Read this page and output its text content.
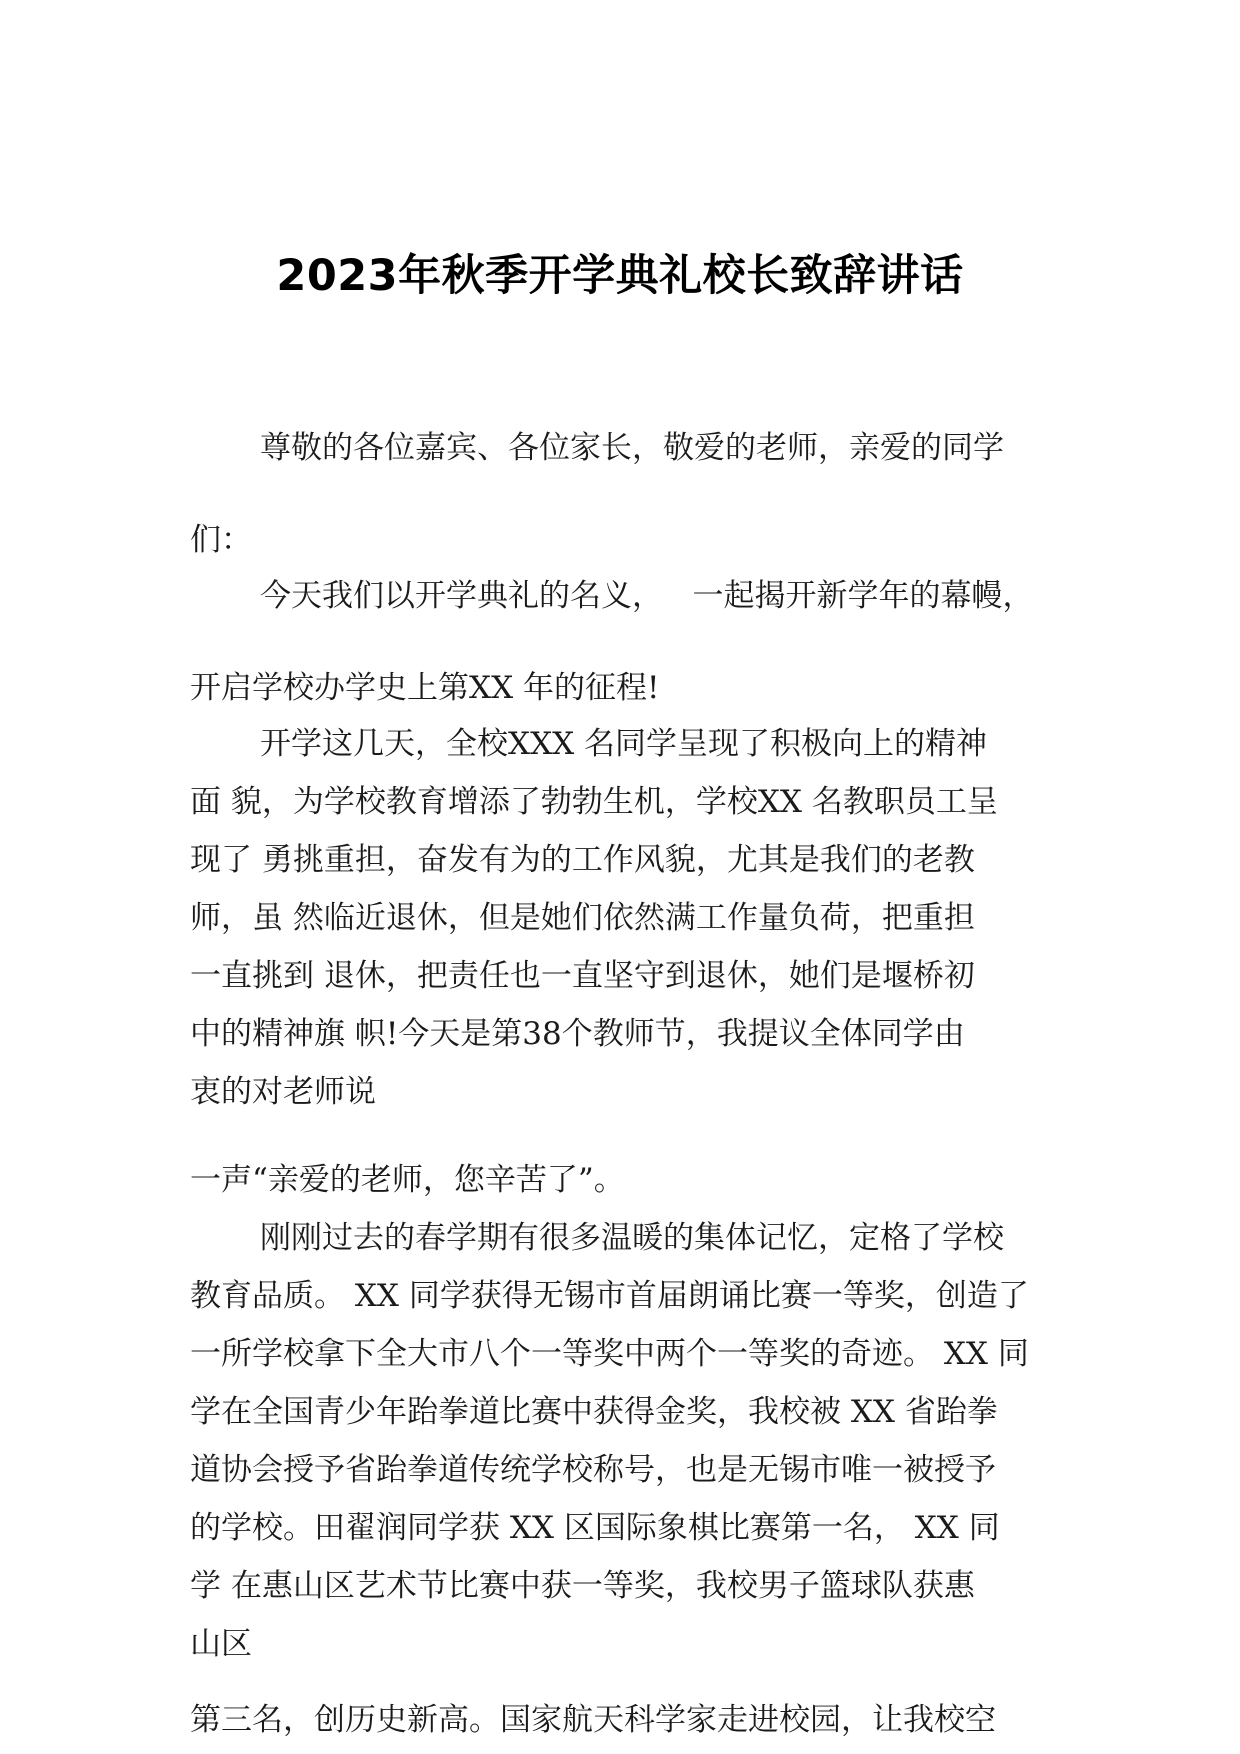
2023年秋季开学典礼校长致辞讲话
尊敬的各位嘉宾、各位家长，敬爱的老师，亲爱的同学
们：
今天我们以开学典礼的名义，   一起揭开新学年的幕幔，
开启学校办学史上第XX 年的征程!
开学这几天，全校XXX 名同学呈现了积极向上的精神
面 貌，为学校教育增添了勃勃生机，学校XX 名教职员工呈
现了 勇挑重担，奋发有为的工作风貌，尤其是我们的老教
师，虽 然临近退休，但是她们依然满工作量负荷，把重担
一直挑到 退休，把责任也一直坚守到退休，她们是堰桥初
中的精神旗 帜!今天是第38个教师节，我提议全体同学由
衷的对老师说
一声“亲爱的老师，您辛苦了”。
刚刚过去的春学期有很多温暖的集体记忆，定格了学校
教育品质。 XX 同学获得无锡市首届朗诵比赛一等奖，创造了
一所学校拿下全大市八个一等奖中两个一等奖的奇迹。 XX 同
学在全国青少年跆拳道比赛中获得金奖，我校被 XX 省跆拳
道协会授予省跆拳道传统学校称号，也是无锡市唯一被授予
的学校。田翟润同学获 XX 区国际象棋比赛第一名， XX 同
学 在惠山区艺术节比赛中获一等奖，我校男子篮球队获惠
山区
第三名，创历史新高。国家航天科学家走进校园，让我校空
